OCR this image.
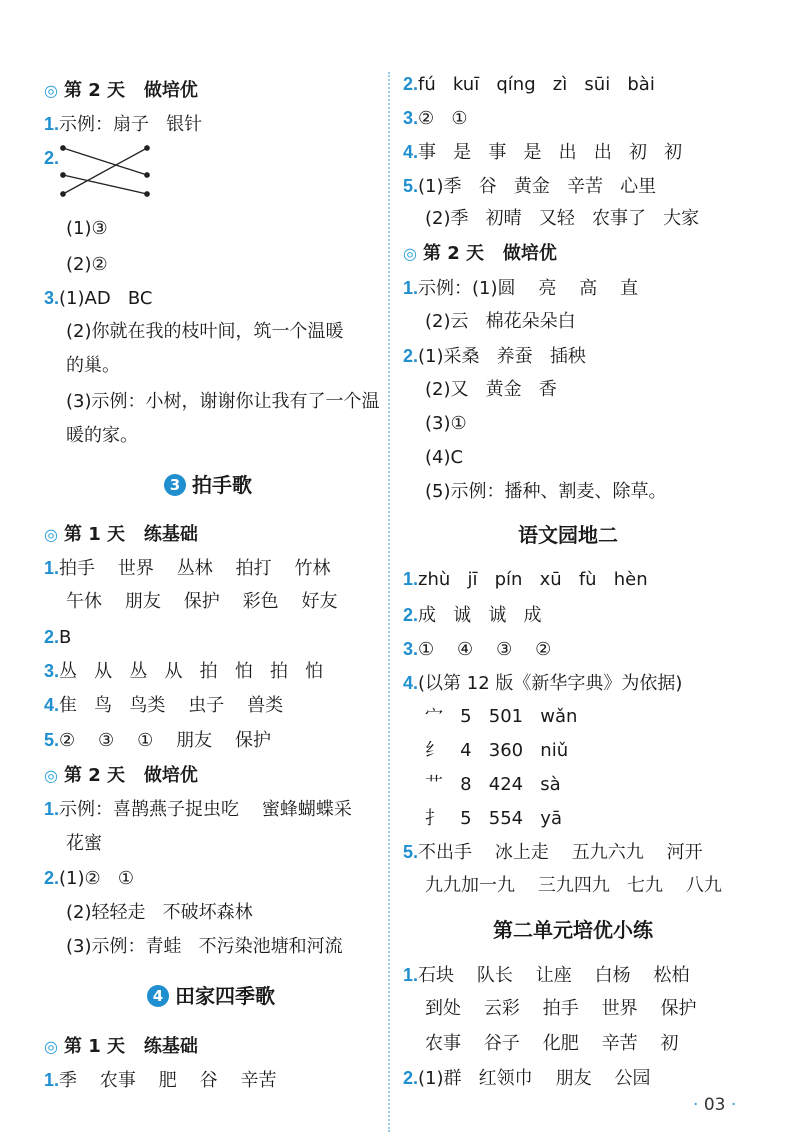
◎ 第 2 天   做培优
1.示例：扇子   银针
2.
(1)③
(2)②
3.(1)AD   BC
(2)你就在我的枝叶间，筑一个温暖
的巢。
(3)示例：小树，谢谢你让我有了一个温
暖的家。
3 拍手歌
◎ 第 1 天   练基础
1.拍手    世界    丛林    拍打    竹林
午休    朋友    保护    彩色    好友
2.B
3.丛   从   丛   从   拍   怕   拍   怕
4.隹   鸟   鸟类    虫子    兽类
5.②    ③    ①    朋友    保护
◎ 第 2 天   做培优
1.示例：喜鹊燕子捉虫吃    蜜蜂蝴蝶采
花蜜
2.(1)②   ①
(2)轻轻走   不破坏森林
(3)示例：青蛙   不污染池塘和河流
4 田家四季歌
◎ 第 1 天   练基础
1.季    农事    肥    谷    辛苦
2.fú   kuī   qíng   zì   sūi   bài
3.②   ①
4.事   是   事   是   出   出   初   初
5.(1)季   谷   黄金   辛苦   心里
(2)季   初晴   又轻   农事了   大家
◎ 第 2 天   做培优
1.示例：(1)圆    亮    高    直
(2)云   棉花朵朵白
2.(1)采桑   养蚕   插秧
(2)又   黄金   香
(3)①
(4)C
(5)示例：播种、割麦、除草。
语文园地二
1.zhù   jī   pín   xū   fù   hèn
2.成   诚   诚   成
3.①    ④    ③    ②
4.(以第 12 版《新华字典》为依据)
宀   5   501   wǎn
纟   4   360   niǔ
艹   8   424   sà
扌   5   554   yā
5.不出手    冰上走    五九六九    河开
九九加一九    三九四九   七九    八九
第二单元培优小练
1.石块    队长    让座    白杨    松柏
到处    云彩    拍手    世界    保护
农事    谷子    化肥    辛苦    初
2.(1)群   红领巾    朋友    公园
· 03 ·
